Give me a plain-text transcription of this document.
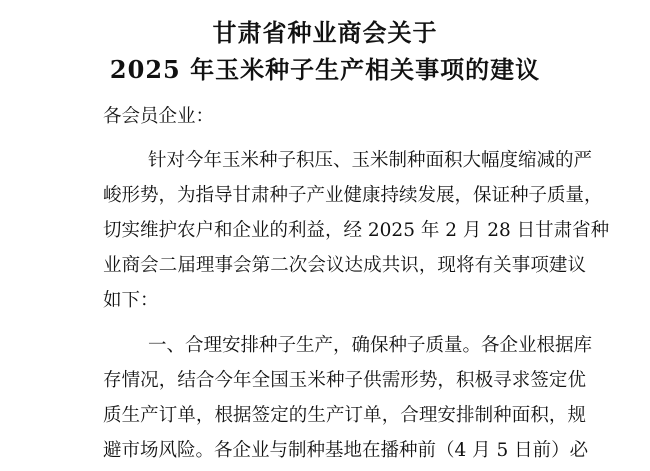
甘肃省种业商会关于
2025 年玉米种子生产相关事项的建议
各会员企业：
针对今年玉米种子积压、玉米制种面积大幅度缩减的严
峻形势，为指导甘肃种子产业健康持续发展，保证种子质量，
切实维护农户和企业的利益，经 2025 年 2 月 28 日甘肃省种
业商会二届理事会第二次会议达成共识，现将有关事项建议
如下：
一、合理安排种子生产，确保种子质量。各企业根据库
存情况，结合今年全国玉米种子供需形势，积极寻求签定优
质生产订单，根据签定的生产订单，合理安排制种面积，规
避市场风险。各企业与制种基地在播种前（4 月 5 日前）必
